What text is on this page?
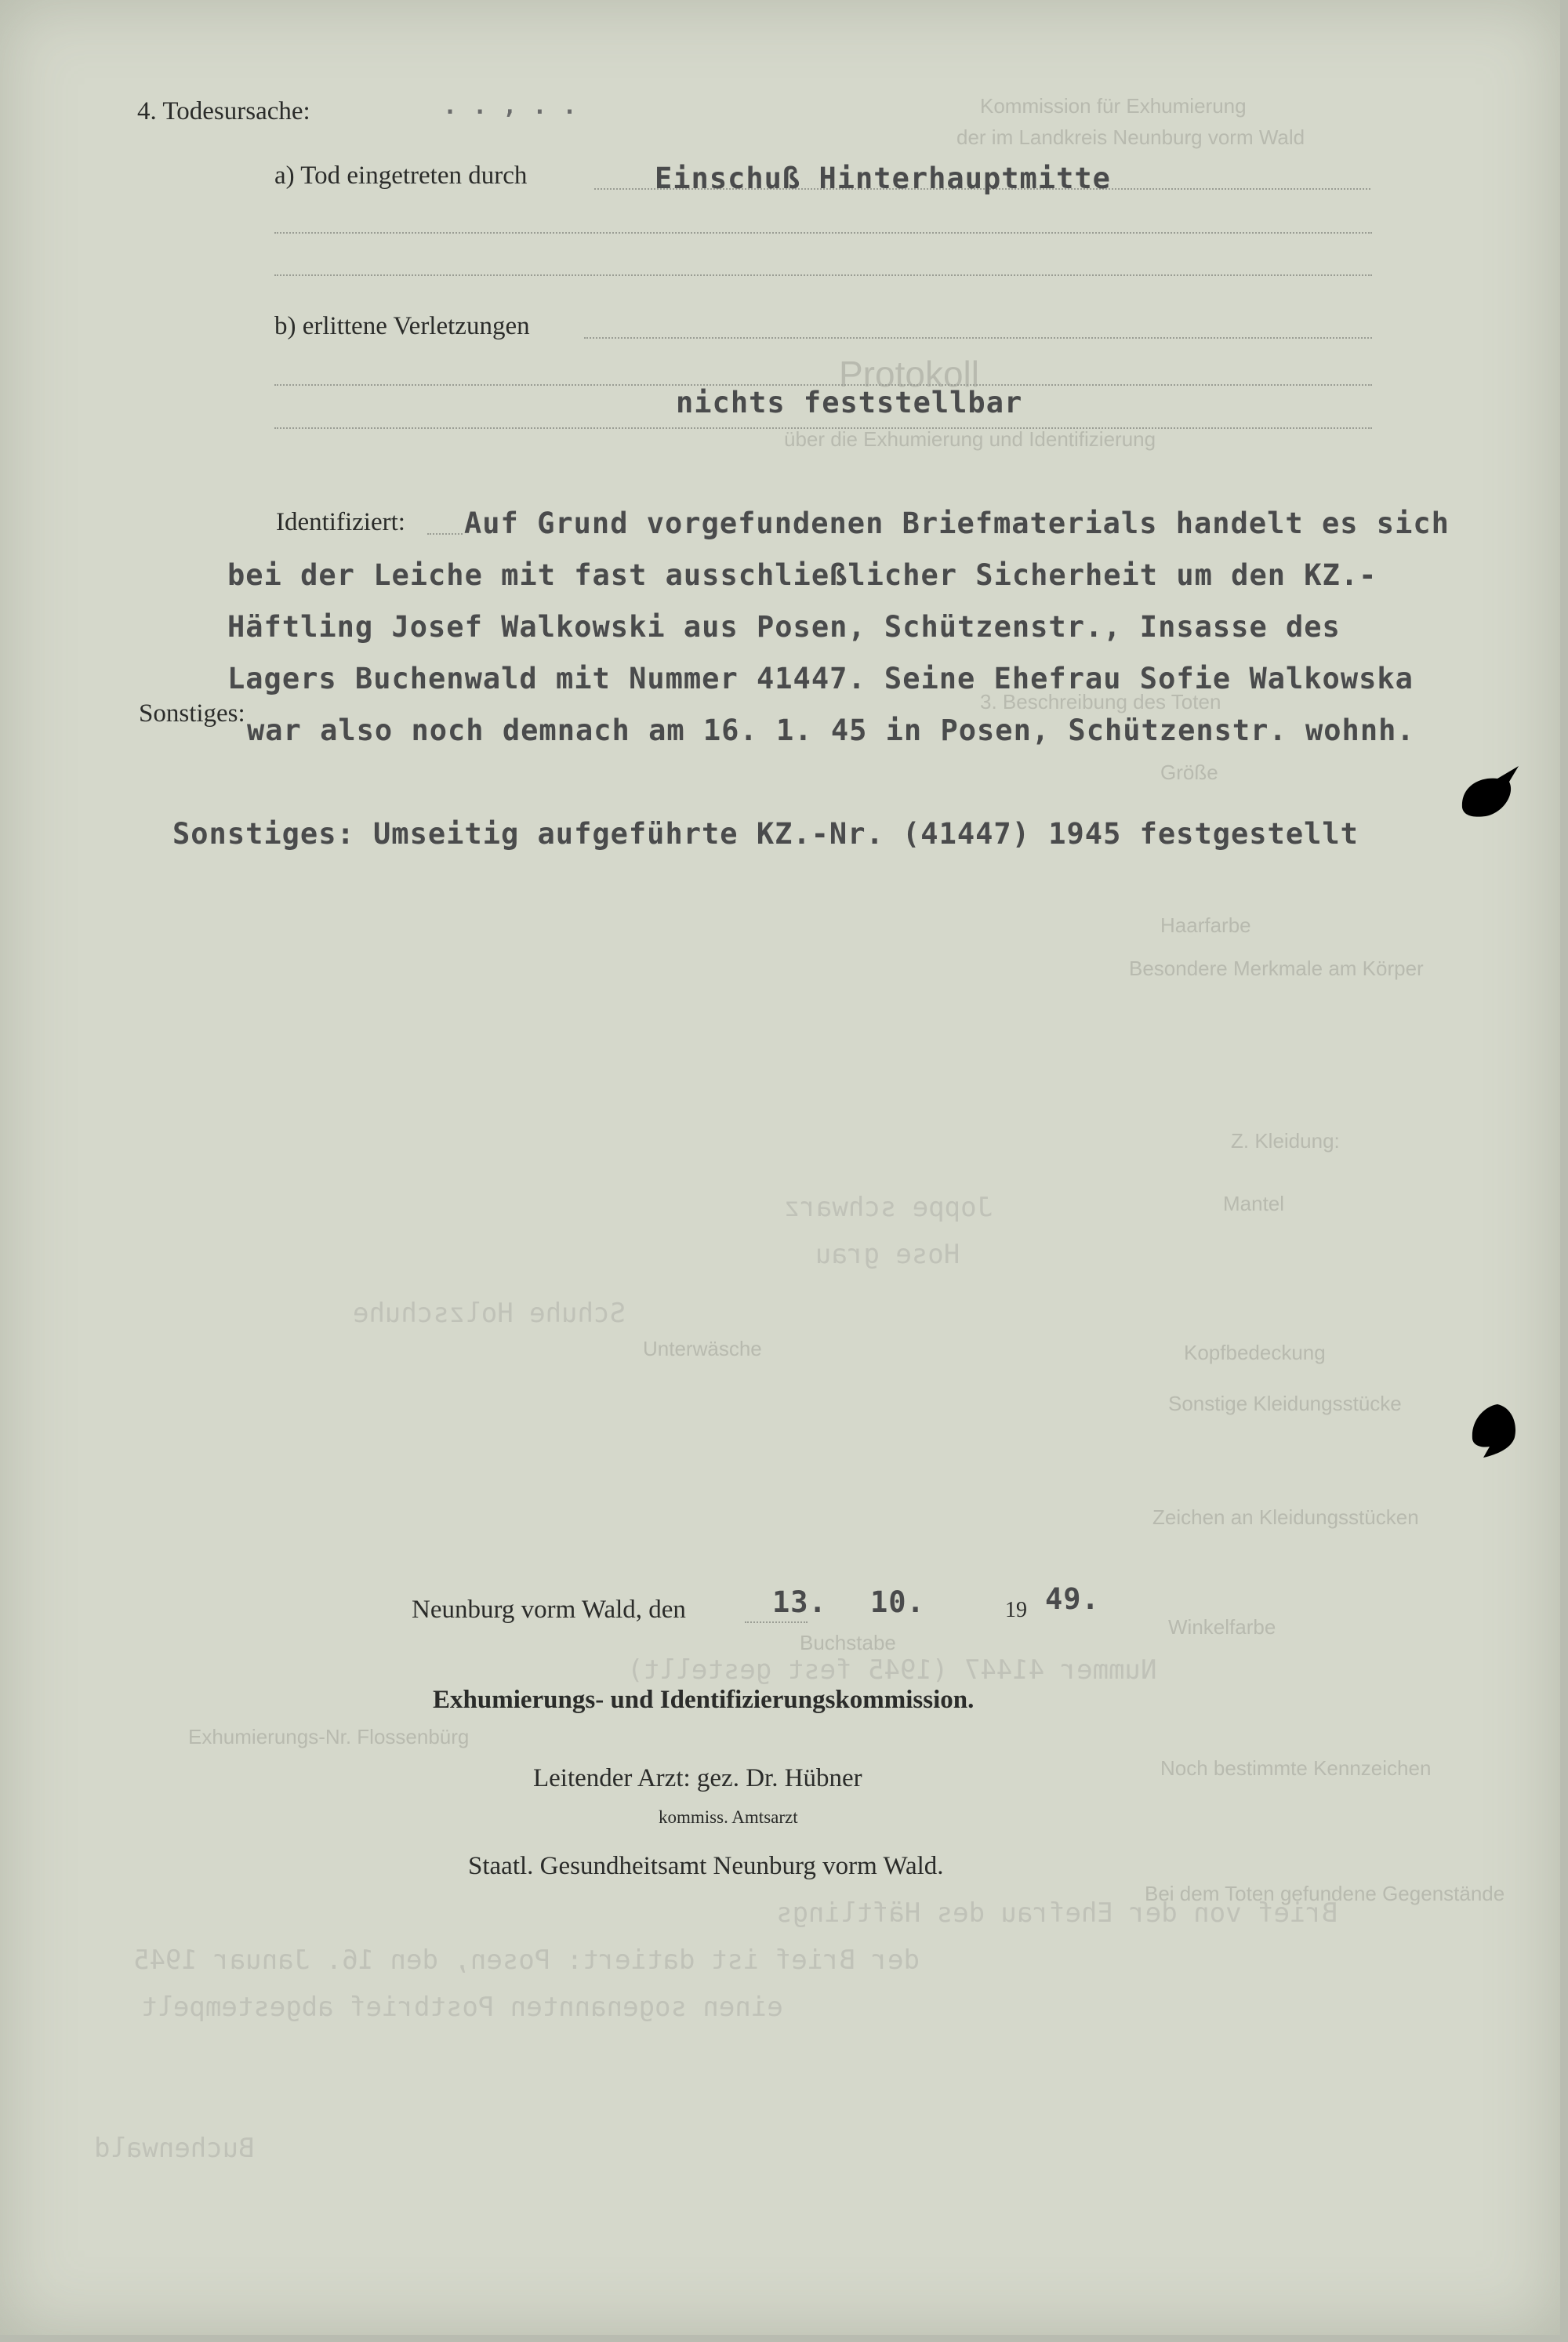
Kommission für Exhumierung
der im Landkreis Neunburg vorm Wald
Protokoll
über die Exhumierung und Identifizierung
3. Beschreibung des Toten
Größe
Haarfarbe
Besondere Merkmale am Körper
Z. Kleidung:
Mantel
Joppe schwarz
Hose grau
Schuhe Holzschuhe
Unterwäsche	Kopfbedeckung
Sonstige Kleidungsstücke
Zeichen an Kleidungsstücken
Winkelfarbe
Buchstabe
Nummer 41447 (1945 fest gestellt)
Exhumierungs-Nr. Flossenbürg
Noch bestimmte Kennzeichen
Bei dem Toten gefundene Gegenstände
Brief von der Ehefrau des Häftlings
der Brief ist datiert: Posen, den 16. Januar 1945
einen sogenannten Postbrief abgestempelt
Buchenwald
4. Todesursache:	. . , . .
a) Tod eingetreten durch	Einschuß Hinterhauptmitte
b) erlittene Verletzungen
nichts feststellbar
Identifiziert: Auf Grund vorgefundenen Briefmaterials handelt es sich
bei der Leiche mit fast ausschließlicher Sicherheit um den KZ.-
Häftling Josef Walkowski aus Posen, Schützenstr., Insasse des
Lagers Buchenwald mit Nummer 41447. Seine Ehefrau Sofie Walkowska
war also noch demnach am 16. 1. 45 in Posen, Schützenstr. wohnh.
Sonstiges:
Sonstiges: Umseitig aufgeführte KZ.-Nr. (41447) 1945 festgestellt
Neunburg vorm Wald, den	13. 10.	19 49.
Exhumierungs- und Identifizierungskommission.
Leitender Arzt: gez. Dr. Hübner
kommiss. Amtsarzt
Staatl. Gesundheitsamt Neunburg vorm Wald.
